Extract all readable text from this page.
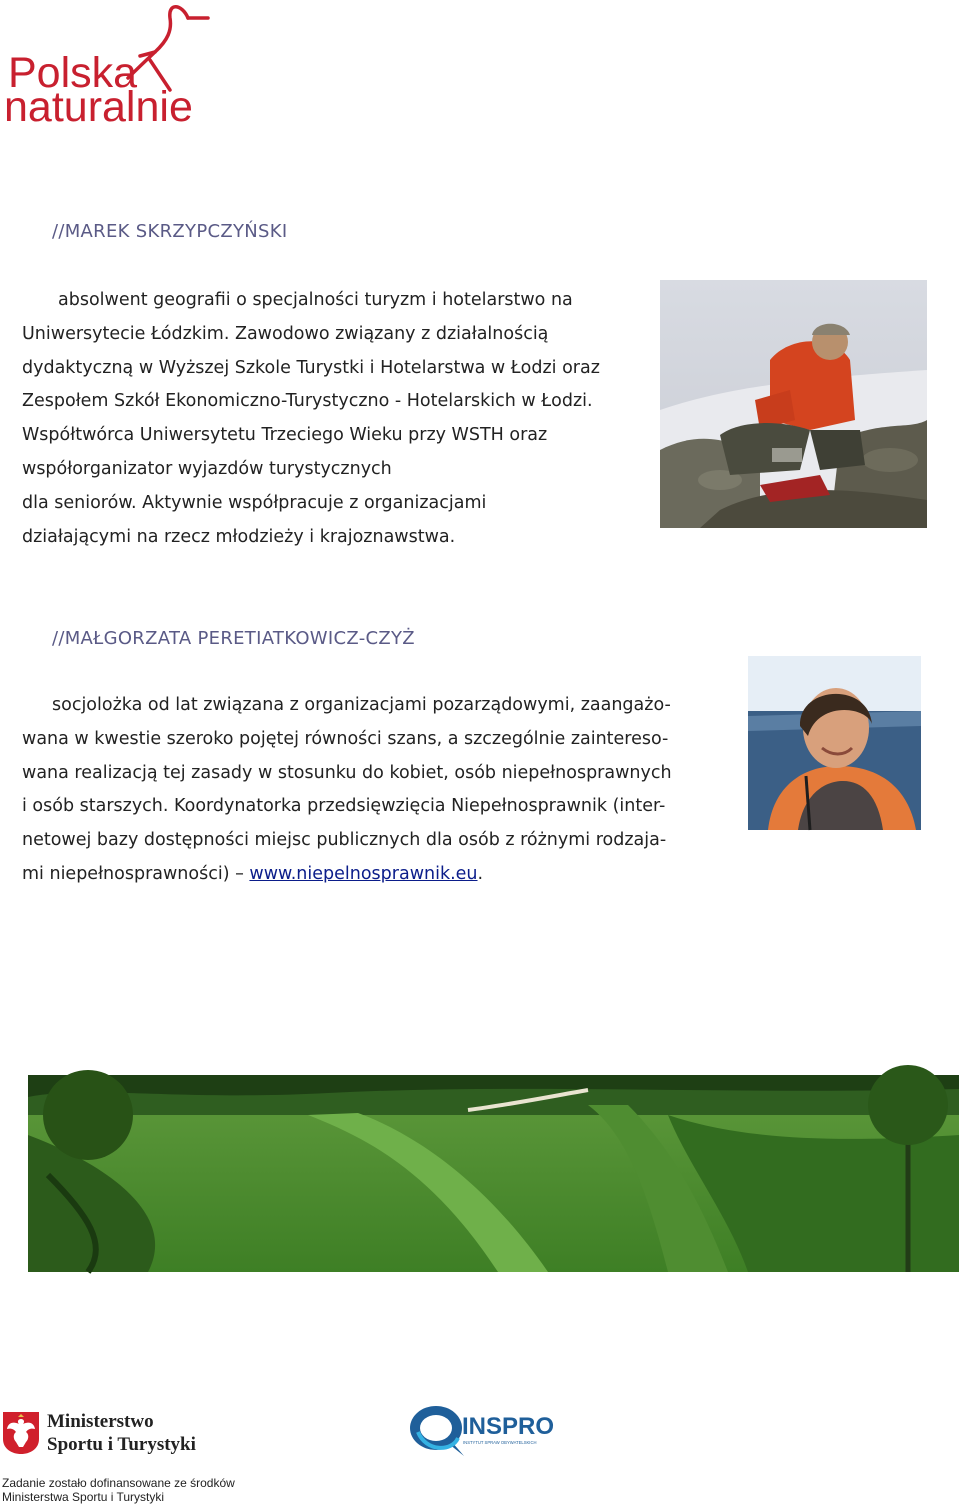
Polska
naturalnie
//MAREK SKRZYPCZYŃSKI

absolwent geografii o specjalności turyzm i hotelarstwo na

Uniwersytecie Łódzkim. Zawodowo związany z działalnością

dydaktyczną w Wyższej Szkole Turystki i Hotelarstwa w Łodzi oraz

Zespołem Szkół Ekonomiczno-Turystyczno - Hotelarskich w Łodzi.

Współtwórca Uniwersytetu Trzeciego Wieku przy WSTH oraz

współorganizator wyjazdów turystycznych

dla seniorów. Aktywnie współpracuje z organizacjami

działającymi na rzecz młodzieży i krajoznawstwa.

//MAŁGORZATA PERETIATKOWICZ-CZYŻ

socjolożka od lat związana z organizacjami pozarządowymi, zaangażo-

wana w kwestie szeroko pojętej równości szans, a szczególnie zaintereso-

wana realizacją tej zasady w stosunku do kobiet, osób niepełnosprawnych

i osób starszych. Koordynatorka przedsięwzięcia Niepełnosprawnik (inter-

netowej bazy dostępności miejsc publicznych dla osób z różnymi rodzaja-

mi niepełnosprawności) – www.niepelnosprawnik.eu.

Ministerstwo
Sportu i Turystyki
Zadanie zostało dofinansowane ze środków
Ministerstwa Sportu i Turystyki
INSPRO
INSTYTUT SPRAW OBYWATELSKICH
